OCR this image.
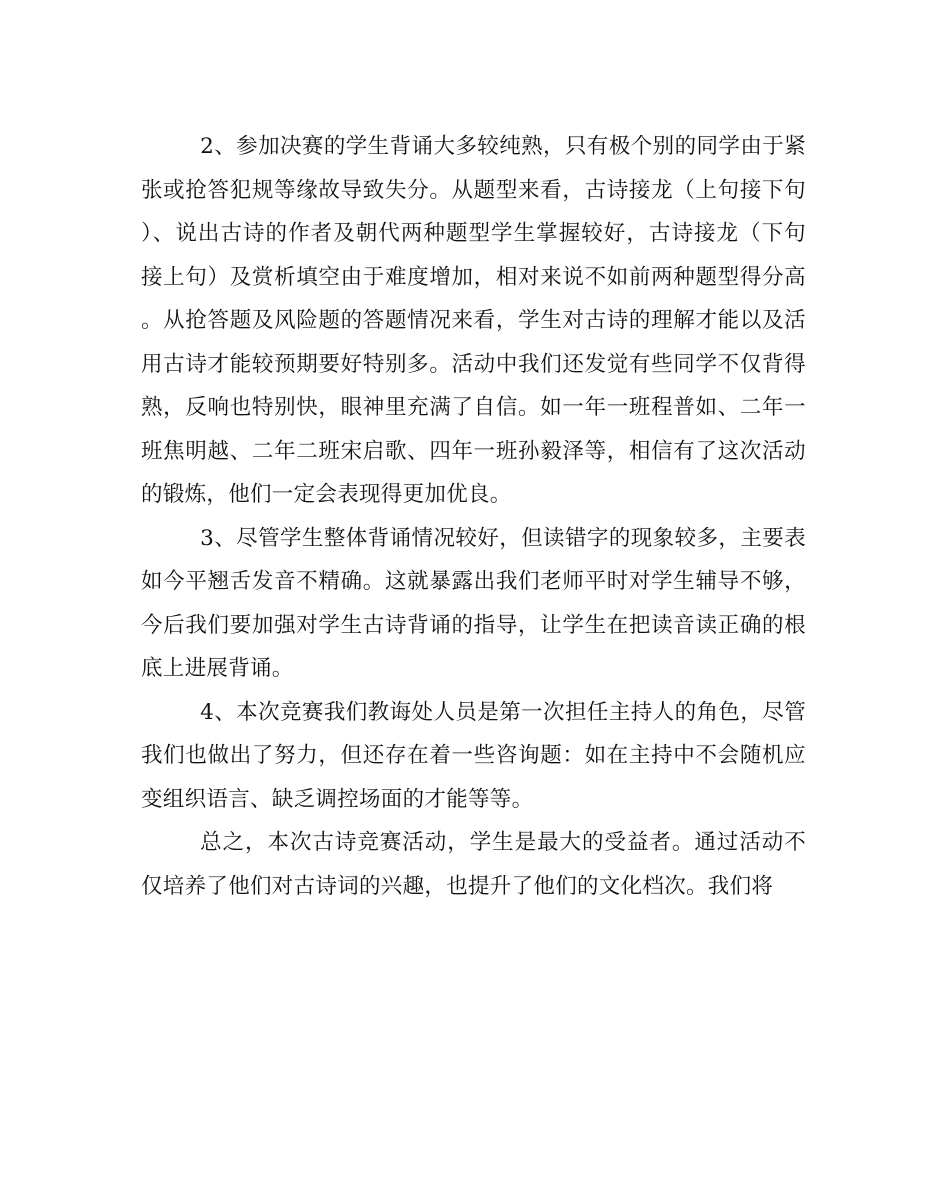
2、参加决赛的学生背诵大多较纯熟，只有极个别的同学由于紧张或抢答犯规等缘故导致失分。从题型来看，古诗接龙（上句接下句）、说出古诗的作者及朝代两种题型学生掌握较好，古诗接龙（下句接上句）及赏析填空由于难度增加，相对来说不如前两种题型得分高。从抢答题及风险题的答题情况来看，学生对古诗的理解才能以及活用古诗才能较预期要好特别多。活动中我们还发觉有些同学不仅背得熟，反响也特别快，眼神里充满了自信。如一年一班程普如、二年一班焦明越、二年二班宋启歌、四年一班孙毅泽等，相信有了这次活动的锻炼，他们一定会表现得更加优良。

3、尽管学生整体背诵情况较好，但读错字的现象较多，主要表如今平翘舌发音不精确。这就暴露出我们老师平时对学生辅导不够，今后我们要加强对学生古诗背诵的指导，让学生在把读音读正确的根底上进展背诵。

4、本次竞赛我们教诲处人员是第一次担任主持人的角色，尽管我们也做出了努力，但还存在着一些咨询题：如在主持中不会随机应变组织语言、缺乏调控场面的才能等等。

总之，本次古诗竞赛活动，学生是最大的受益者。通过活动不仅培养了他们对古诗词的兴趣，也提升了他们的文化档次。我们将
